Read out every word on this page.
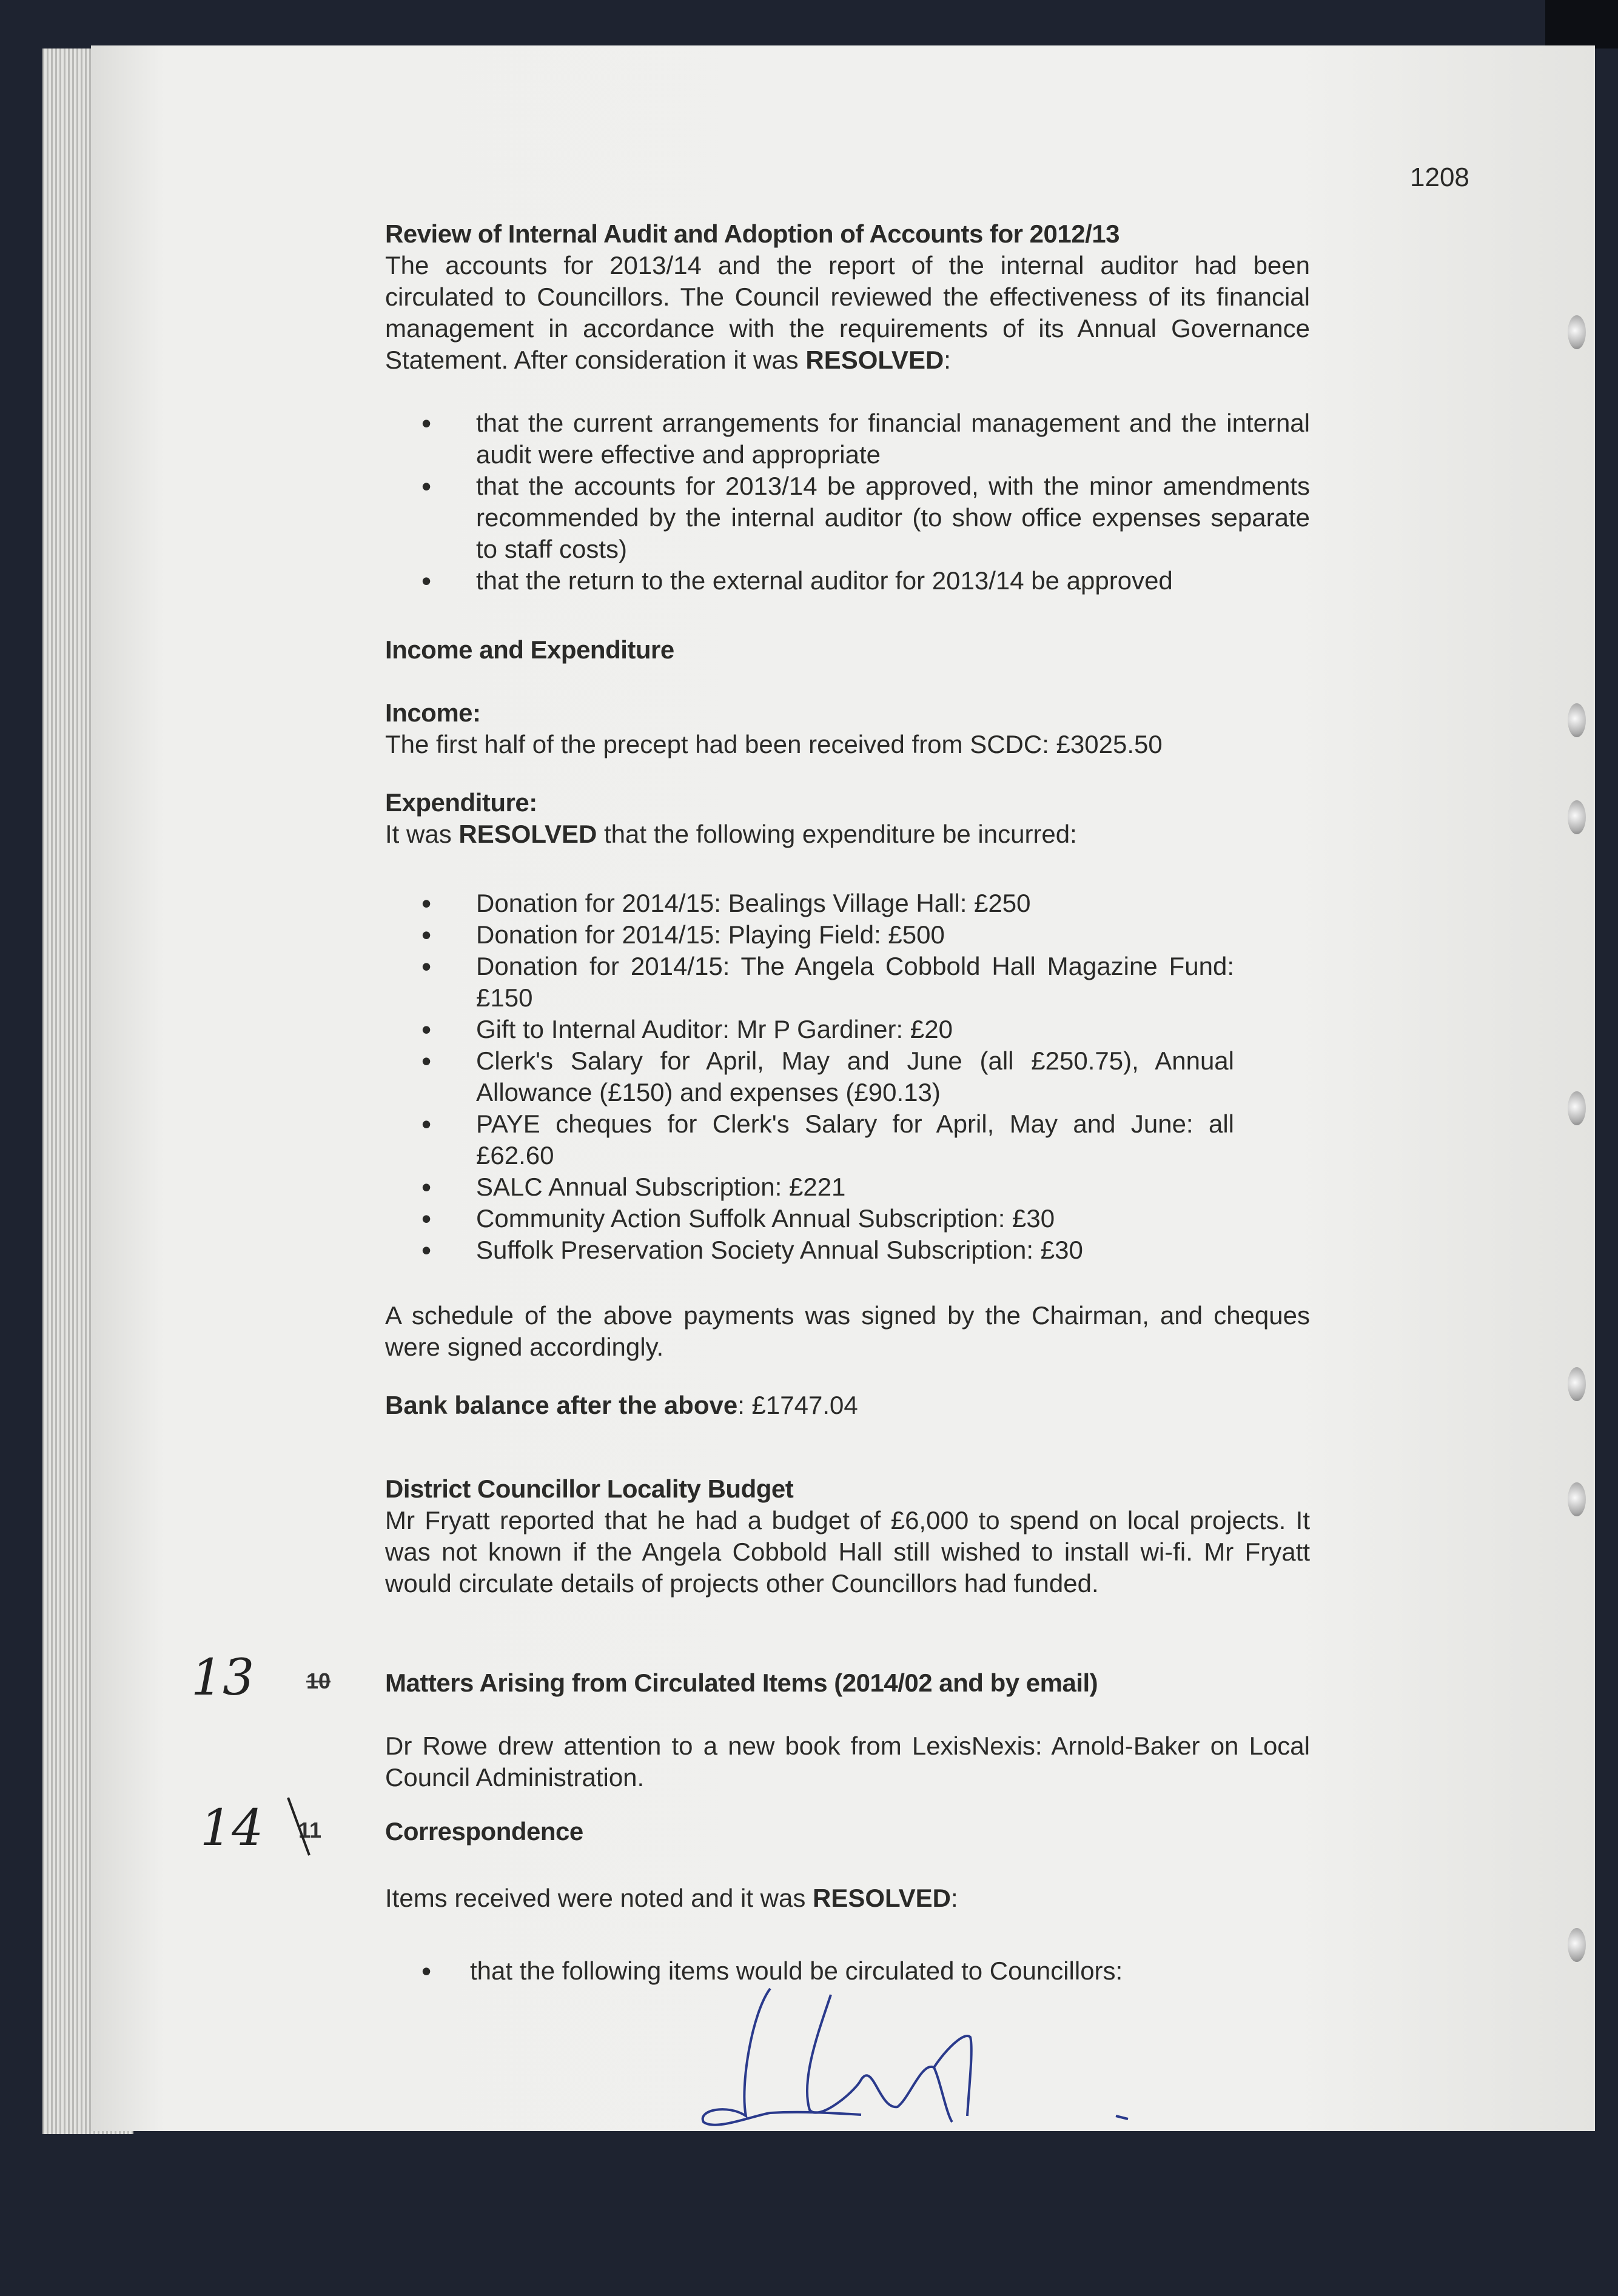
1208
Review of Internal Audit and Adoption of Accounts for 2012/13
The accounts for 2013/14 and the report of the internal auditor had been circulated to Councillors. The Council reviewed the effectiveness of its financial management in accordance with the requirements of its Annual Governance Statement. After consideration it was RESOLVED:
• that the current arrangements for financial management and the internal audit were effective and appropriate
• that the accounts for 2013/14 be approved, with the minor amendments recommended by the internal auditor (to show office expenses separate to staff costs)
• that the return to the external auditor for 2013/14 be approved
Income and Expenditure
Income:
The first half of the precept had been received from SCDC: £3025.50
Expenditure:
It was RESOLVED that the following expenditure be incurred:
• Donation for 2014/15: Bealings Village Hall: £250
• Donation for 2014/15: Playing Field: £500
• Donation for 2014/15: The Angela Cobbold Hall Magazine Fund: £150
• Gift to Internal Auditor: Mr P Gardiner: £20
• Clerk's Salary for April, May and June (all £250.75), Annual Allowance (£150) and expenses (£90.13)
• PAYE cheques for Clerk's Salary for April, May and June: all £62.60
• SALC Annual Subscription: £221
• Community Action Suffolk Annual Subscription: £30
• Suffolk Preservation Society Annual Subscription: £30
A schedule of the above payments was signed by the Chairman, and cheques were signed accordingly.
Bank balance after the above: £1747.04
District Councillor Locality Budget
Mr Fryatt reported that he had a budget of £6,000 to spend on local projects. It was not known if the Angela Cobbold Hall still wished to install wi-fi. Mr Fryatt would circulate details of projects other Councillors had funded.
13 10 Matters Arising from Circulated Items (2014/02 and by email)
Dr Rowe drew attention to a new book from LexisNexis: Arnold-Baker on Local Council Administration.
14 11 Correspondence
Items received were noted and it was RESOLVED:
• that the following items would be circulated to Councillors:
